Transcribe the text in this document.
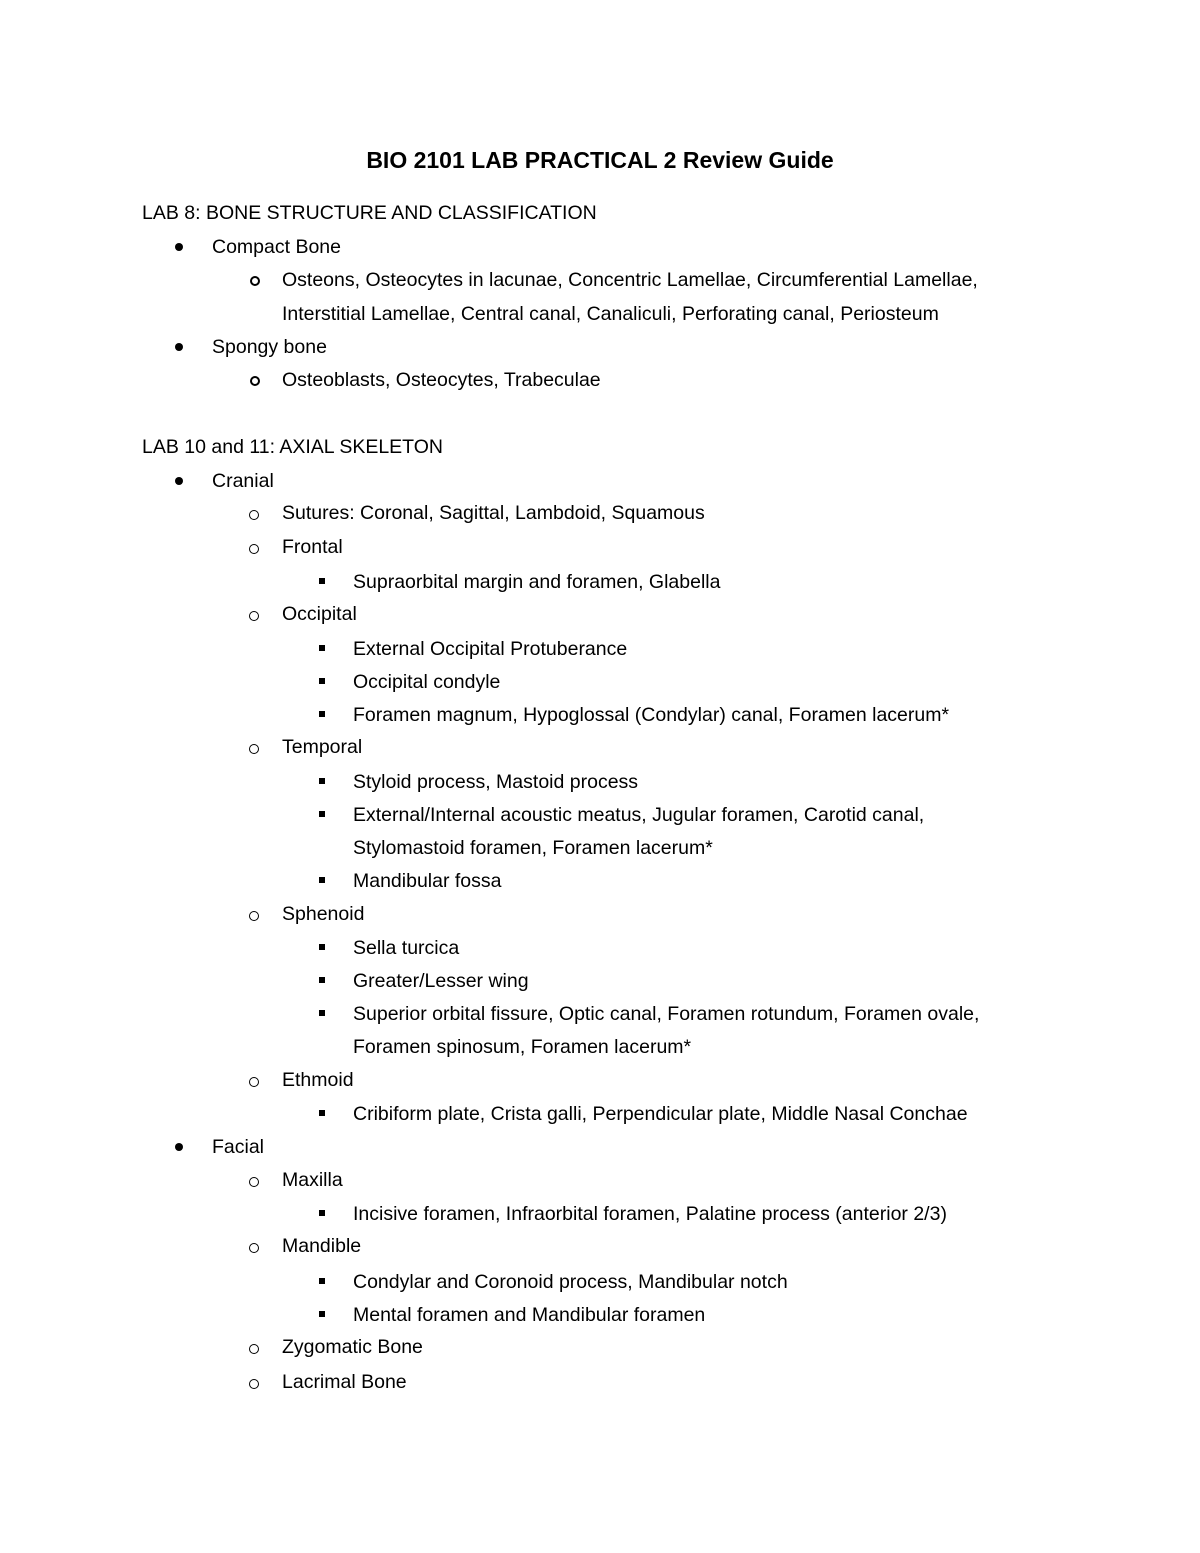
BIO 2101 LAB PRACTICAL 2 Review Guide
LAB 8: BONE STRUCTURE AND CLASSIFICATION
Compact Bone
Osteons, Osteocytes in lacunae, Concentric Lamellae, Circumferential Lamellae,
Interstitial Lamellae, Central canal, Canaliculi, Perforating canal, Periosteum
Spongy bone
Osteoblasts, Osteocytes, Trabeculae
LAB 10 and 11: AXIAL SKELETON
Cranial
Sutures: Coronal, Sagittal, Lambdoid, Squamous
Frontal
Supraorbital margin and foramen, Glabella
Occipital
External Occipital Protuberance
Occipital condyle
Foramen magnum, Hypoglossal (Condylar) canal, Foramen lacerum*
Temporal
Styloid process, Mastoid process
External/Internal acoustic meatus, Jugular foramen, Carotid canal,
Stylomastoid foramen, Foramen lacerum*
Mandibular fossa
Sphenoid
Sella turcica
Greater/Lesser wing
Superior orbital fissure, Optic canal, Foramen rotundum, Foramen ovale,
Foramen spinosum, Foramen lacerum*
Ethmoid
Cribiform plate, Crista galli, Perpendicular plate, Middle Nasal Conchae
Facial
Maxilla
Incisive foramen, Infraorbital foramen, Palatine process (anterior 2/3)
Mandible
Condylar and Coronoid process, Mandibular notch
Mental foramen and Mandibular foramen
Zygomatic Bone
Lacrimal Bone
